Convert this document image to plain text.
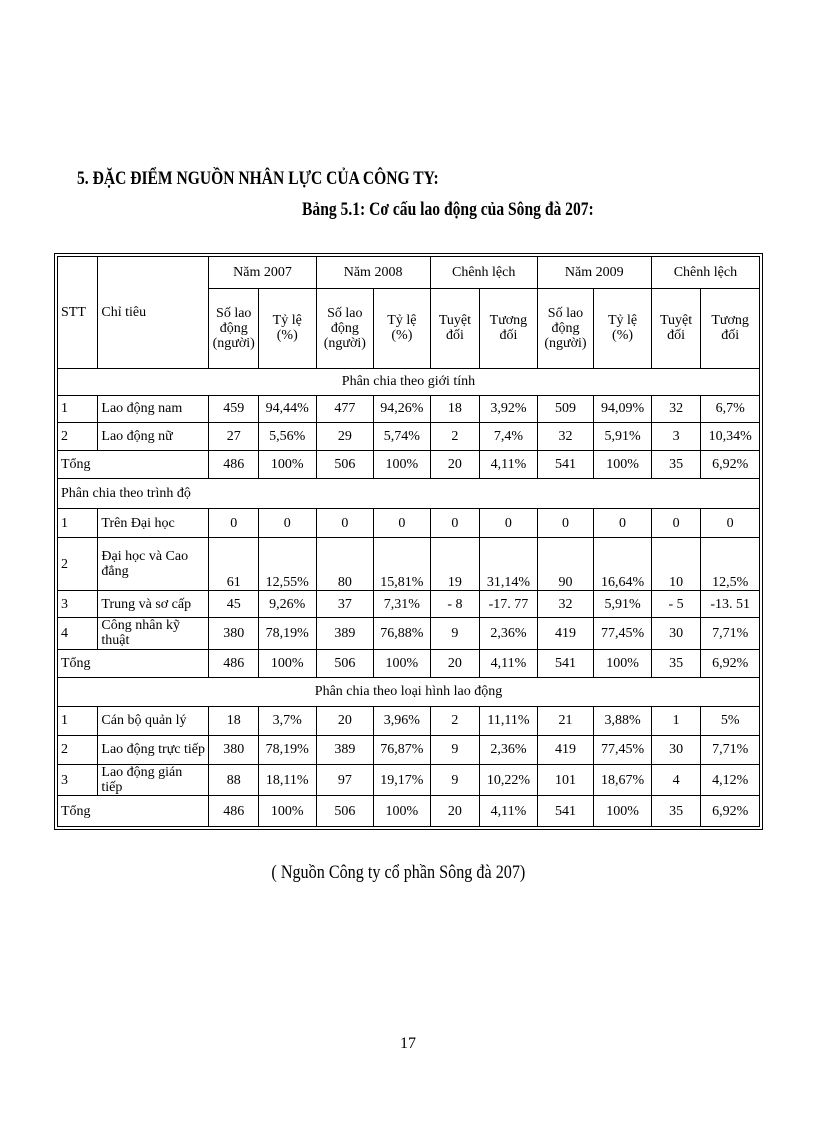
5. ĐẶC ĐIỂM NGUỒN NHÂN LỰC CỦA CÔNG TY:
Bảng 5.1: Cơ cấu lao động của Sông đà 207:
STT	Chỉ tiêu	Năm 2007		Năm 2008		Chênh lệch		Năm 2009		Chênh lệch	
		Số lao động (người)	Tỷ lệ (%)	Số lao động (người)	Tỷ lệ (%)	Tuyệt đối	Tương đối	Số lao động (người)	Tỷ lệ (%)	Tuyệt đối	Tương đối
Phân chia theo giới tính											
1	Lao động nam	459	94,44%	477	94,26%	18	3,92%	509	94,09%	32	6,7%
2	Lao động nữ	27	5,56%	29	5,74%	2	7,4%	32	5,91%	3	10,34%
Tổng		486	100%	506	100%	20	4,11%	541	100%	35	6,92%
Phân chia theo trình độ											
1	Trên Đại học	0	0	0	0	0	0	0	0	0	0
2	Đại học và Cao đẳng	61	12,55%	80	15,81%	19	31,14%	90	16,64%	10	12,5%
3	Trung và sơ cấp	45	9,26%	37	7,31%	- 8	-17. 77	32	5,91%	- 5	-13. 51
4	Công nhân kỹ thuật	380	78,19%	389	76,88%	9	2,36%	419	77,45%	30	7,71%
Tổng		486	100%	506	100%	20	4,11%	541	100%	35	6,92%
Phân chia theo loại hình lao động											
1	Cán bộ quản lý	18	3,7%	20	3,96%	2	11,11%	21	3,88%	1	5%
2	Lao động trực tiếp	380	78,19%	389	76,87%	9	2,36%	419	77,45%	30	7,71%
3	Lao động gián tiếp	88	18,11%	97	19,17%	9	10,22%	101	18,67%	4	4,12%
Tổng		486	100%	506	100%	20	4,11%	541	100%	35	6,92%
( Nguồn Công ty cổ phần Sông đà 207)
17
